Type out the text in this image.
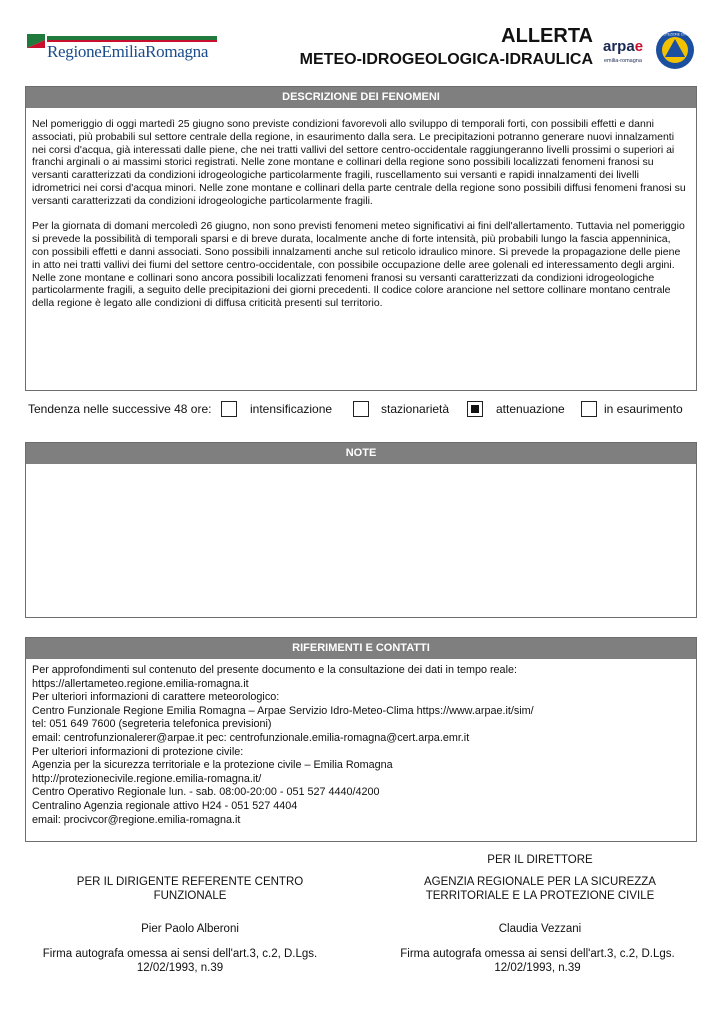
RegioneEmiliaRomagna
ALLERTA
METEO-IDROGEOLOGICA-IDRAULICA
arpae
emilia-romagna
PROTEZIONE CIVILE
DESCRIZIONE DEI FENOMENI

Nel pomeriggio di oggi martedì 25 giugno sono previste condizioni favorevoli allo sviluppo di temporali forti, con possibili effetti e danni associati, più probabili sul settore centrale della regione, in esaurimento dalla sera. Le precipitazioni potranno generare nuovi innalzamenti nei corsi d'acqua, già interessati dalle piene, che nei tratti vallivi del settore centro-occidentale raggiungeranno livelli prossimi o superiori ai franchi arginali o ai massimi storici registrati. Nelle zone montane e collinari della regione sono possibili localizzati fenomeni franosi su versanti caratterizzati da condizioni idrogeologiche particolarmente fragili, ruscellamento sui versanti e rapidi innalzamenti dei livelli idrometrici nei corsi d'acqua minori. Nelle zone montane e collinari della parte centrale della regione sono possibili diffusi fenomeni franosi su versanti caratterizzati da condizioni idrogeologiche particolarmente fragili.

Per la giornata di domani mercoledì 26 giugno, non sono previsti fenomeni meteo significativi ai fini dell'allertamento. Tuttavia nel pomeriggio si prevede la possibilità di temporali sparsi e di breve durata, localmente anche di forte intensità, più probabili lungo la fascia appenninica, con possibili effetti e danni associati. Sono possibili innalzamenti anche sul reticolo idraulico minore. Si prevede la propagazione delle piene in atto nei tratti vallivi dei fiumi del settore centro-occidentale, con possibile occupazione delle aree golenali ed interessamento degli argini. Nelle zone montane e collinari sono ancora possibili localizzati fenomeni franosi su versanti caratterizzati da condizioni idrogeologiche particolarmente fragili, a seguito delle precipitazioni dei giorni precedenti. Il codice colore arancione nel settore collinare montano centrale della regione è legato alle condizioni di diffusa criticità presenti sul territorio.

Tendenza nelle successive 48 ore:	intensificazione	stazionarietà	attenuazione	in esaurimento
NOTE
RIFERIMENTI E CONTATTI
Per approfondimenti sul contenuto del presente documento e la consultazione dei dati in tempo reale:
https://allertameteo.regione.emilia-romagna.it
Per ulteriori informazioni di carattere meteorologico:
Centro Funzionale Regione Emilia Romagna – Arpae Servizio Idro-Meteo-Clima https://www.arpae.it/sim/
tel: 051 649 7600 (segreteria telefonica previsioni)
email: centrofunzionalerer@arpae.it pec: centrofunzionale.emilia-romagna@cert.arpa.emr.it
Per ulteriori informazioni di protezione civile:
Agenzia per la sicurezza territoriale e la protezione civile – Emilia Romagna
http://protezionecivile.regione.emilia-romagna.it/
Centro Operativo Regionale lun. - sab. 08:00-20:00 - 051 527 4440/4200
Centralino Agenzia regionale attivo H24 - 051 527 4404
email: procivcor@regione.emilia-romagna.it
PER IL DIRIGENTE REFERENTE CENTRO FUNZIONALE
Pier Paolo Alberoni
Firma autografa omessa ai sensi dell'art.3, c.2, D.Lgs. 12/02/1993, n.39
PER IL DIRETTORE
AGENZIA REGIONALE PER LA SICUREZZA TERRITORIALE E LA PROTEZIONE CIVILE
Claudia Vezzani
Firma autografa omessa ai sensi dell'art.3, c.2, D.Lgs. 12/02/1993, n.39
